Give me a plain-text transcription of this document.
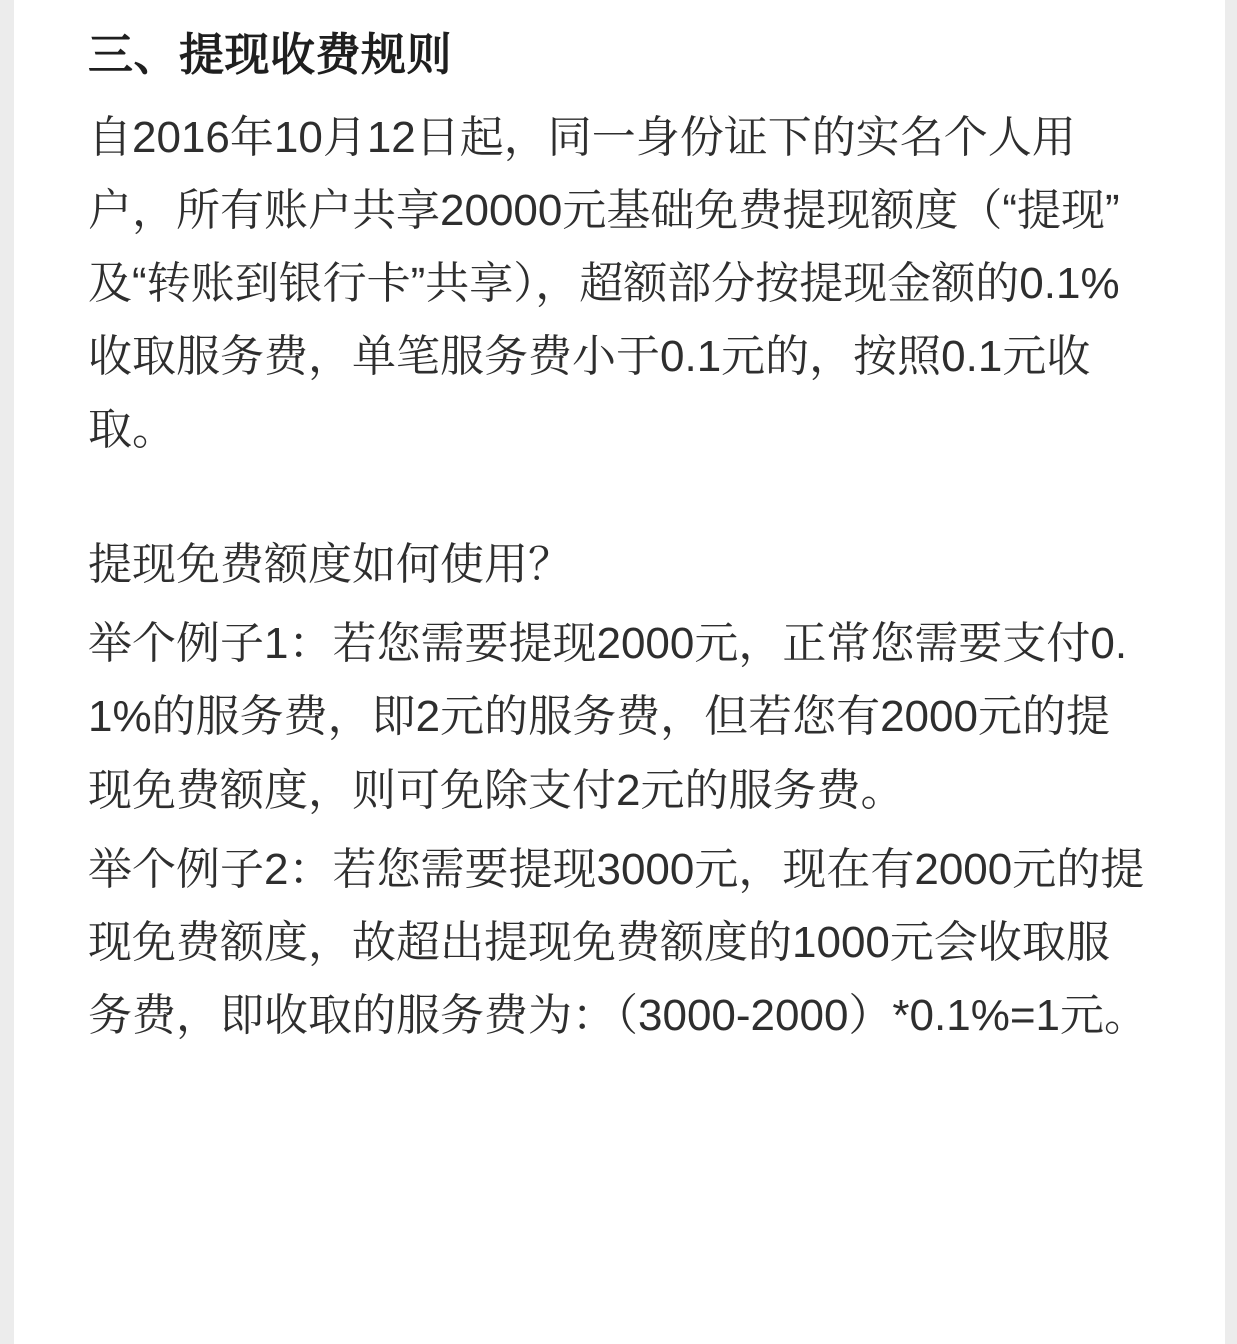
三、提现收费规则

自2016年10月12日起，同一身份证下的实名个人用户，所有账户共享20000元基础免费提现额度（“提现”及“转账到银行卡”共享），超额部分按提现金额的0.1%收取服务费，单笔服务费小于0.1元的，按照0.1元收取。

提现免费额度如何使用？

举个例子1：若您需要提现2000元，正常您需要支付0.1%的服务费，即2元的服务费，但若您有2000元的提现免费额度，则可免除支付2元的服务费。

举个例子2：若您需要提现3000元，现在有2000元的提现免费额度，故超出提现免费额度的1000元会收取服务费，即收取的服务费为：（3000-2000）*0.1%=1元。
